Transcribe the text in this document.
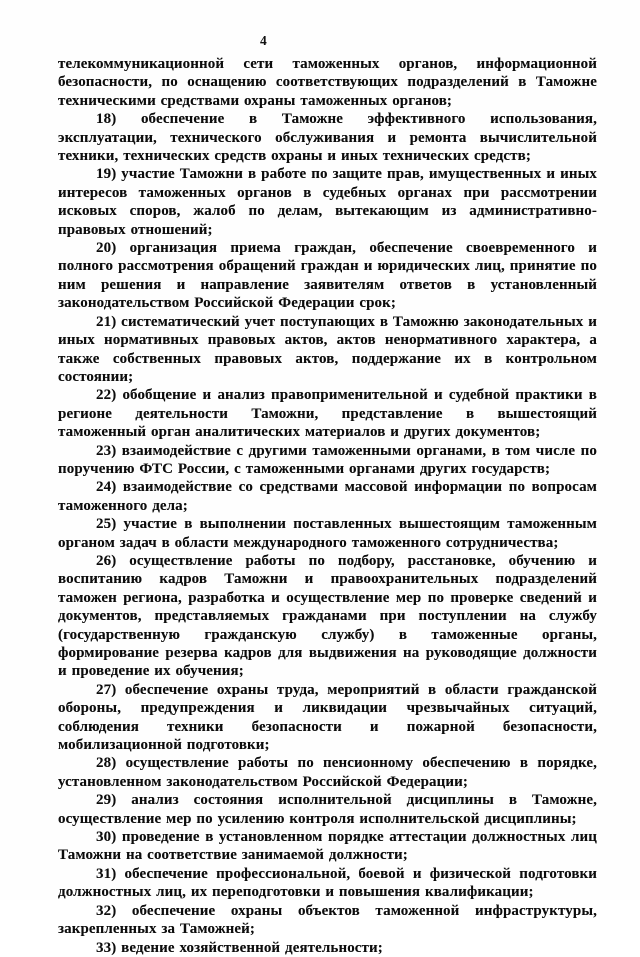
4

телекоммуникационной сети таможенных органов, информационной безопасности, по оснащению соответствующих подразделений в Таможне техническими средствами охраны таможенных органов;

18) обеспечение в Таможне эффективного использования, эксплуатации, технического обслуживания и ремонта вычислительной техники, технических средств охраны и иных технических средств;

19) участие Таможни в работе по защите прав, имущественных и иных интересов таможенных органов в судебных органах при рассмотрении исковых споров, жалоб по делам, вытекающим из административно-правовых отношений;

20) организация приема граждан, обеспечение своевременного и полного рассмотрения обращений граждан и юридических лиц, принятие по ним решения и направление заявителям ответов в установленный законодательством Российской Федерации срок;

21) систематический учет поступающих в Таможню законодательных и иных нормативных правовых актов, актов ненормативного характера, а также собственных правовых актов, поддержание их в контрольном состоянии;

22) обобщение и анализ правоприменительной и судебной практики в регионе деятельности Таможни, представление в вышестоящий таможенный орган аналитических материалов и других документов;

23) взаимодействие с другими таможенными органами, в том числе по поручению ФТС России, с таможенными органами других государств;

24) взаимодействие со средствами массовой информации по вопросам таможенного дела;

25) участие в выполнении поставленных вышестоящим таможенным органом задач в области международного таможенного сотрудничества;

26) осуществление работы по подбору, расстановке, обучению и воспитанию кадров Таможни и правоохранительных подразделений таможен региона, разработка и осуществление мер по проверке сведений и документов, представляемых гражданами при поступлении на службу (государственную гражданскую службу) в таможенные органы, формирование резерва кадров для выдвижения на руководящие должности и проведение их обучения;

27) обеспечение охраны труда, мероприятий в области гражданской обороны, предупреждения и ликвидации чрезвычайных ситуаций, соблюдения техники безопасности и пожарной безопасности, мобилизационной подготовки;

28) осуществление работы по пенсионному обеспечению в порядке, установленном законодательством Российской Федерации;

29) анализ состояния исполнительной дисциплины в Таможне, осуществление мер по усилению контроля исполнительской дисциплины;

30) проведение в установленном порядке аттестации должностных лиц Таможни на соответствие занимаемой должности;

31) обеспечение профессиональной, боевой и физической подготовки должностных лиц, их переподготовки и повышения квалификации;

32) обеспечение охраны объектов таможенной инфраструктуры, закрепленных за Таможней;

33) ведение хозяйственной деятельности;
